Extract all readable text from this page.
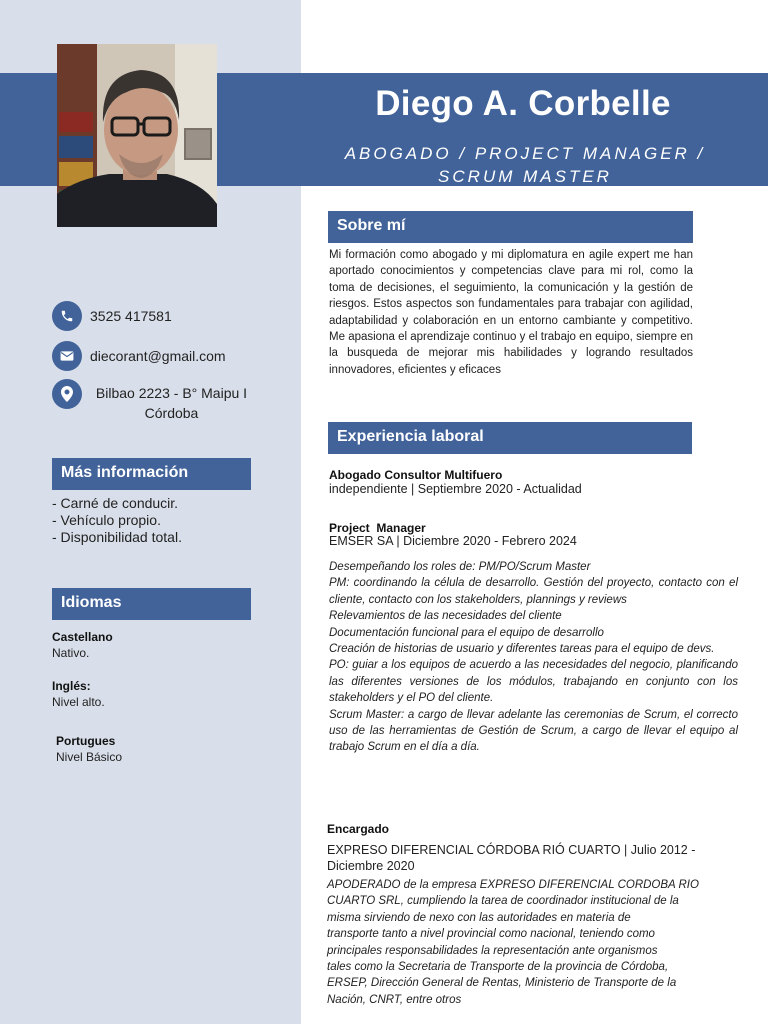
Diego A. Corbelle
ABOGADO / PROJECT MANAGER /
SCRUM MASTER
3525 417581
diecorant@gmail.com
Bilbao 2223 - B° Maipu I
Córdoba
Más información
- Carné de conducir.
- Vehículo propio.
- Disponibilidad total.
Idiomas
Castellano
Nativo.
Inglés:
Nivel alto.
Portugues
Nivel Básico
Sobre mí
Mi formación como abogado y mi diplomatura en agile expert me han aportado conocimientos y competencias clave para mi rol, como la toma de decisiones, el seguimiento, la comunicación y la gestión de riesgos. Estos aspectos son fundamentales para trabajar con agilidad, adaptabilidad y colaboración en un entorno cambiante y competitivo. Me apasiona el aprendizaje continuo y el trabajo en equipo, siempre en la busqueda de mejorar mis habilidades y logrando resultados innovadores, eficientes y eficaces
Experiencia laboral
Abogado Consultor Multifuero
independiente | Septiembre 2020 - Actualidad
Project  Manager
EMSER SA | Diciembre 2020 - Febrero 2024
Desempeñando los roles de: PM/PO/Scrum Master
PM: coordinando la célula de desarrollo. Gestión del proyecto, contacto con el cliente, contacto con los stakeholders, plannings y reviews
Relevamientos de las necesidades del cliente
Documentación funcional para el equipo de desarrollo
Creación de historias de usuario y diferentes tareas para el equipo de devs.
PO: guiar a los equipos de acuerdo a las necesidades del negocio, planificando las diferentes versiones de los módulos, trabajando en conjunto con los stakeholders y el PO del cliente.
Scrum Master: a cargo de llevar adelante las ceremonias de Scrum, el correcto uso de las herramientas de Gestión de Scrum, a cargo de llevar el equipo al trabajo Scrum en el día a día.
Encargado
EXPRESO DIFERENCIAL CÓRDOBA RIÓ CUARTO | Julio 2012 -
Diciembre 2020
APODERADO de la empresa EXPRESO DIFERENCIAL CORDOBA RIO
CUARTO SRL, cumpliendo la tarea de coordinador institucional de la
misma sirviendo de nexo con las autoridades en materia de
transporte tanto a nivel provincial como nacional, teniendo como
principales responsabilidades la representación ante organismos
tales como la Secretaria de Transporte de la provincia de Córdoba,
ERSEP, Dirección General de Rentas, Ministerio de Transporte de la
Nación, CNRT, entre otros
